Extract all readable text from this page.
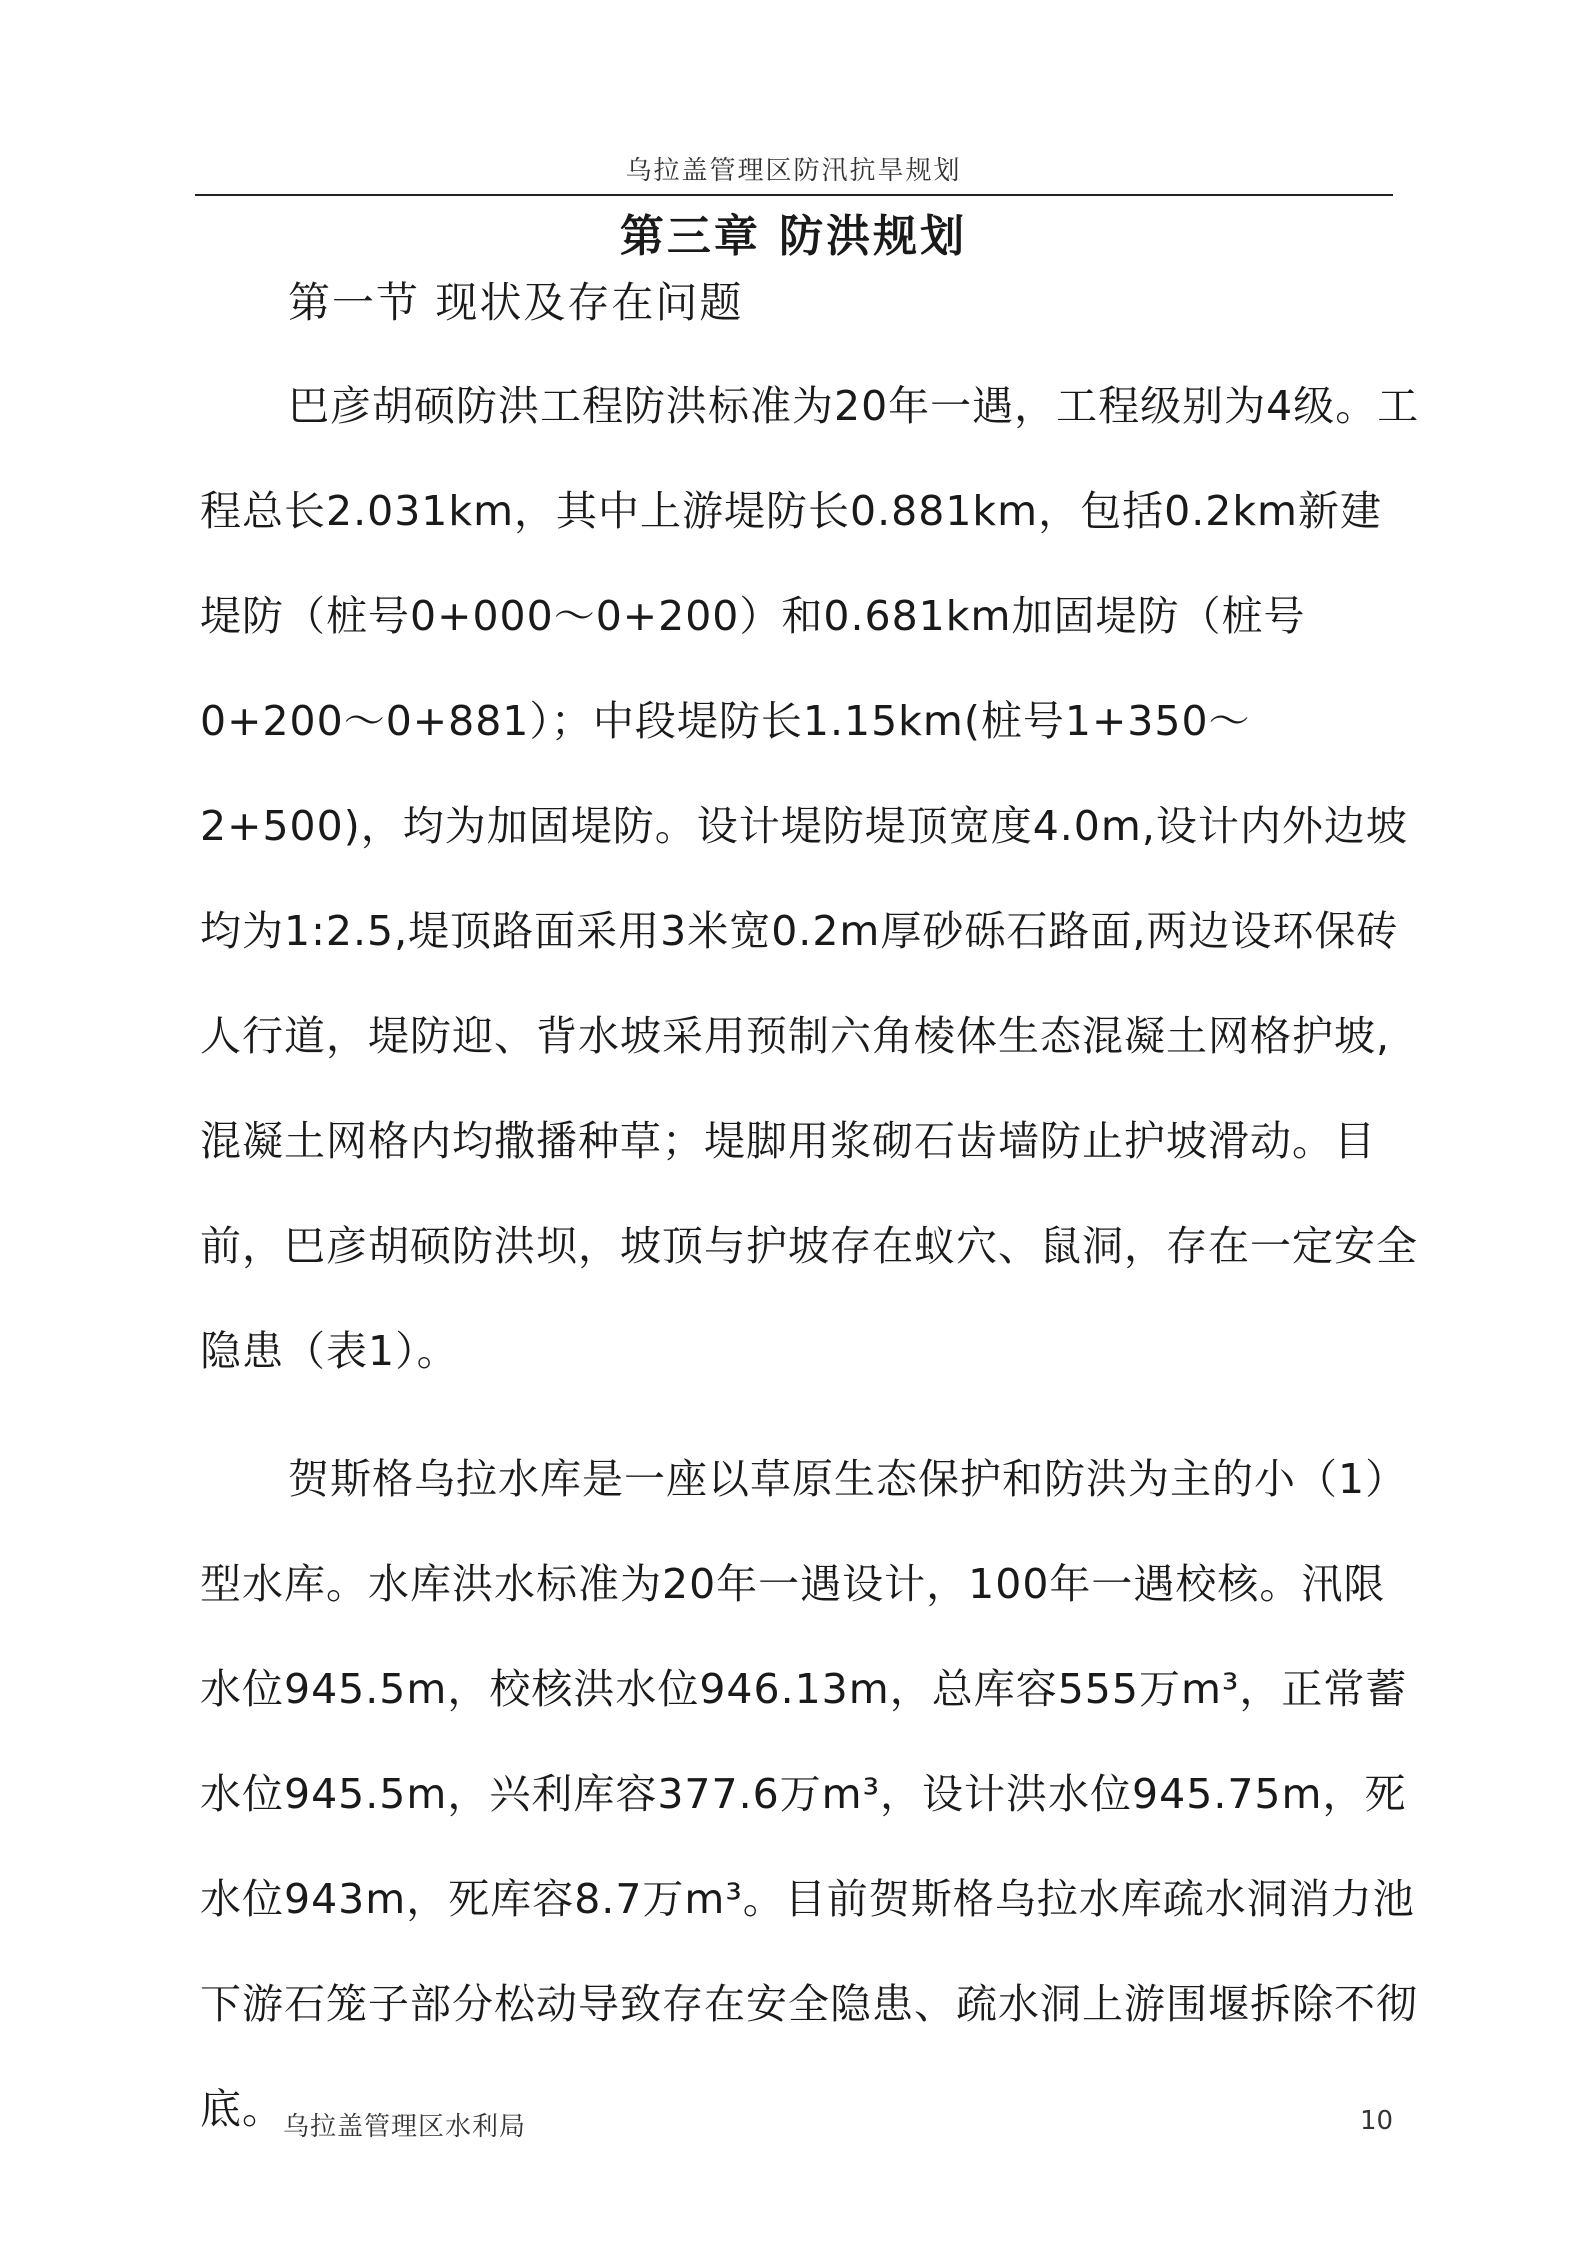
乌拉盖管理区防汛抗旱规划
第三章 防洪规划
第一节 现状及存在问题

巴彦胡硕防洪工程防洪标准为20年一遇，工程级别为4级。工程总长2.031km，其中上游堤防长0.881km，包括0.2km新建堤防（桩号0+000～0+200）和0.681km加固堤防（桩号0+200～0+881）；中段堤防长1.15km(桩号1+350～2+500)，均为加固堤防。设计堤防堤顶宽度4.0m,设计内外边坡均为1:2.5,堤顶路面采用3米宽0.2m厚砂砾石路面,两边设环保砖人行道，堤防迎、背水坡采用预制六角棱体生态混凝土网格护坡,混凝土网格内均撒播种草；堤脚用浆砌石齿墙防止护坡滑动。目前，巴彦胡硕防洪坝，坡顶与护坡存在蚁穴、鼠洞，存在一定安全隐患（表1）。

贺斯格乌拉水库是一座以草原生态保护和防洪为主的小（1）型水库。水库洪水标准为20年一遇设计，100年一遇校核。汛限水位945.5m，校核洪水位946.13m，总库容555万m³，正常蓄水位945.5m，兴利库容377.6万m³，设计洪水位945.75m，死水位943m，死库容8.7万m³。目前贺斯格乌拉水库疏水洞消力池下游石笼子部分松动导致存在安全隐患、疏水洞上游围堰拆除不彻底。 乌拉盖管理区水利局	10
